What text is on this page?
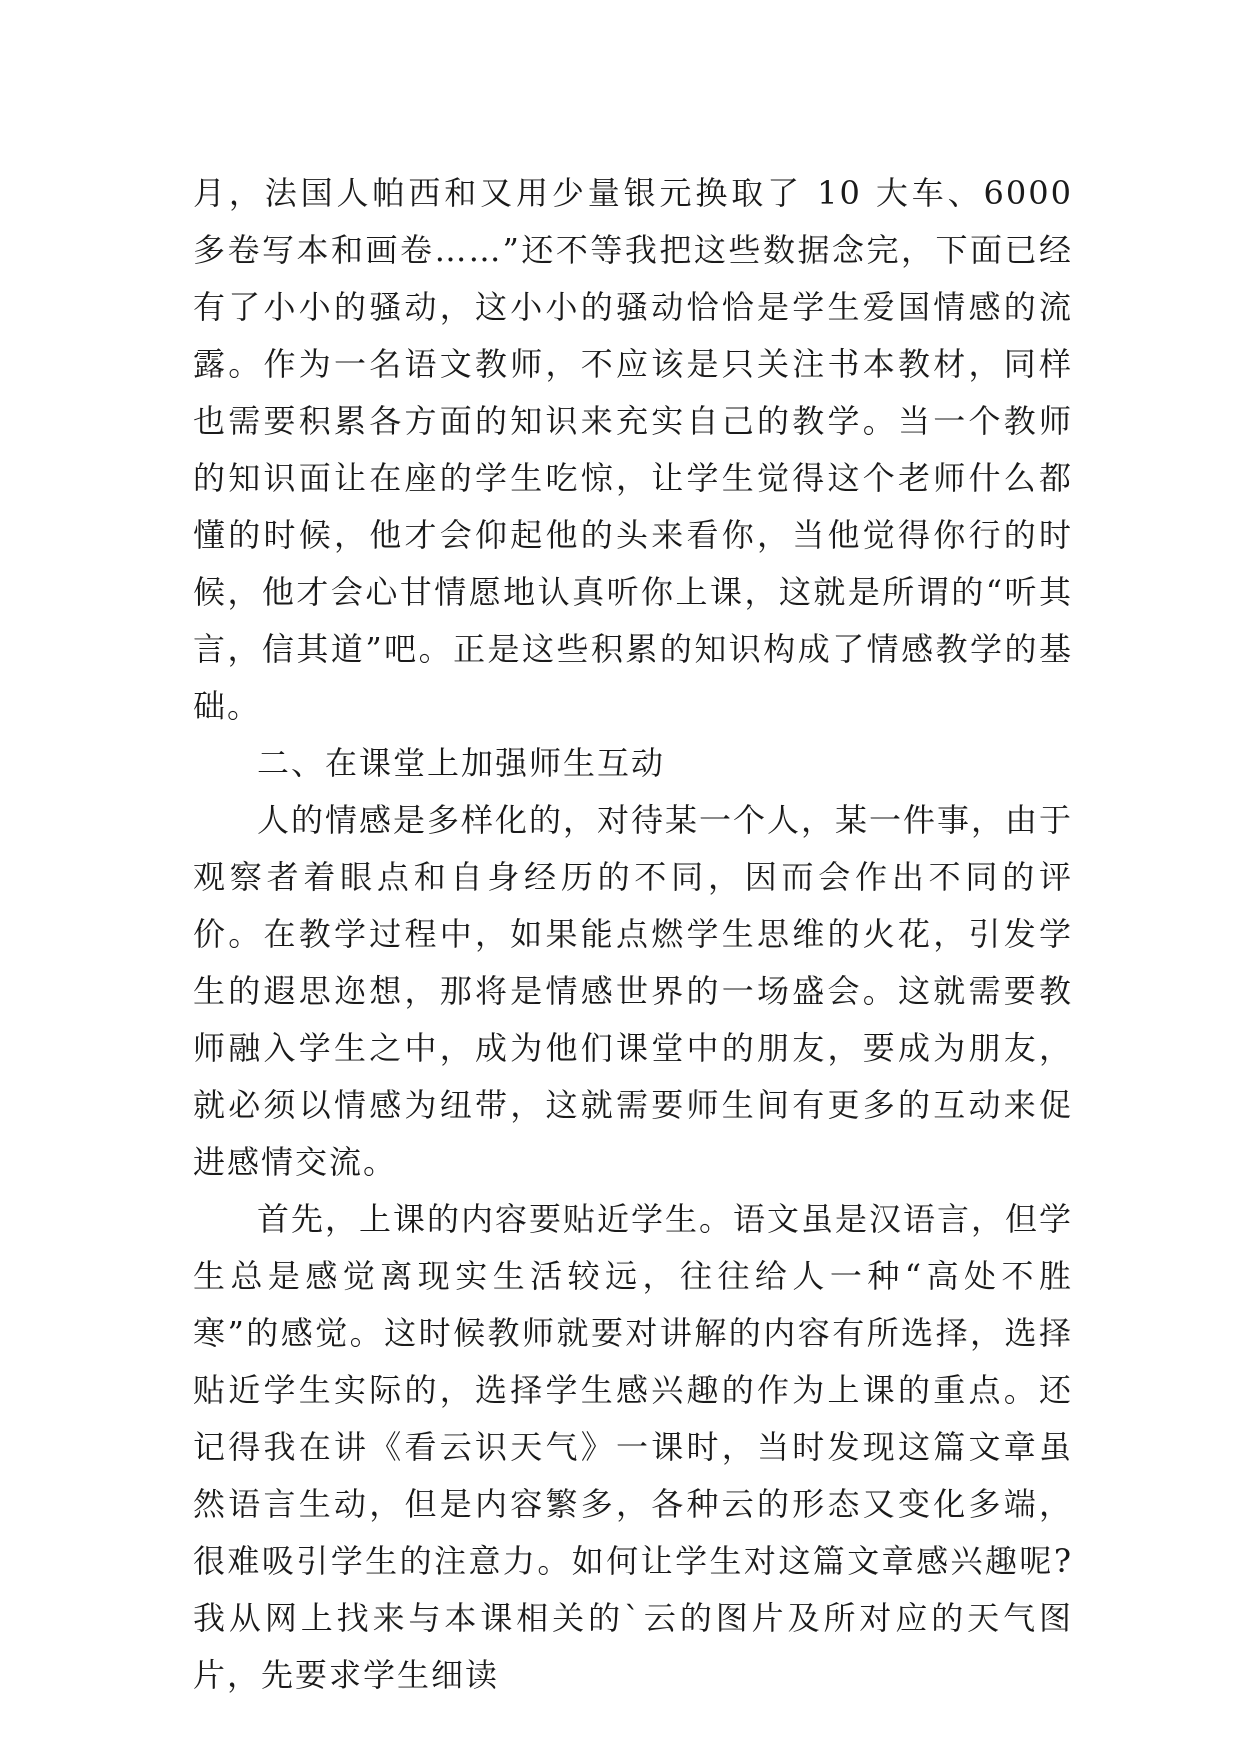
月，法国人帕西和又用少量银元换取了 10 大车、6000 多卷写本和画卷……”还不等我把这些数据念完，下面已经有了小小的骚动，这小小的骚动恰恰是学生爱国情感的流露。作为一名语文教师，不应该是只关注书本教材，同样也需要积累各方面的知识来充实自己的教学。当一个教师的知识面让在座的学生吃惊，让学生觉得这个老师什么都懂的时候，他才会仰起他的头来看你，当他觉得你行的时候，他才会心甘情愿地认真听你上课，这就是所谓的“听其言，信其道”吧。正是这些积累的知识构成了情感教学的基础。

二、在课堂上加强师生互动

人的情感是多样化的，对待某一个人，某一件事，由于观察者着眼点和自身经历的不同，因而会作出不同的评价。在教学过程中，如果能点燃学生思维的火花，引发学生的遐思迩想，那将是情感世界的一场盛会。这就需要教师融入学生之中，成为他们课堂中的朋友，要成为朋友，就必须以情感为纽带，这就需要师生间有更多的互动来促进感情交流。

首先，上课的内容要贴近学生。语文虽是汉语言，但学生总是感觉离现实生活较远，往往给人一种“高处不胜寒”的感觉。这时候教师就要对讲解的内容有所选择，选择贴近学生实际的，选择学生感兴趣的作为上课的重点。还记得我在讲《看云识天气》一课时，当时发现这篇文章虽然语言生动，但是内容繁多，各种云的形态又变化多端，很难吸引学生的注意力。如何让学生对这篇文章感兴趣呢?我从网上找来与本课相关的`云的图片及所对应的天气图片，先要求学生细读
